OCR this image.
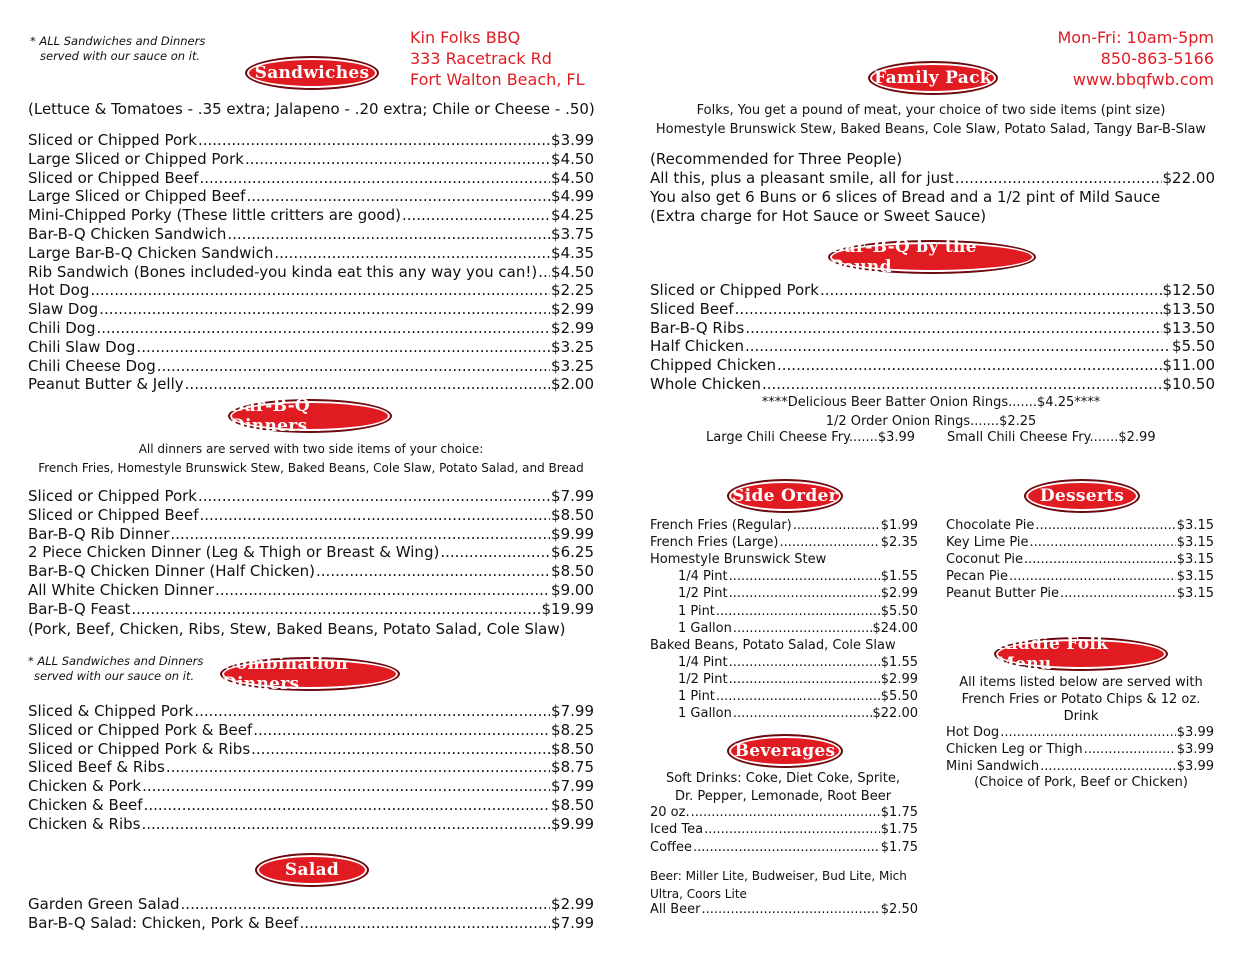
* ALL Sandwiches and Dinners
served with our sauce on it.
Kin Folks BBQ
333 Racetrack Rd
Fort Walton Beach, FL
Sandwiches
(Lettuce & Tomatoes - .35 extra; Jalapeno - .20 extra; Chile or Cheese - .50)
Sliced or Chipped Pork .....	$3.99
Large Sliced or Chipped Pork .....	$4.50
Sliced or Chipped Beef .....	$4.50
Large Sliced or Chipped Beef .....	$4.99
Mini-Chipped Porky (These little critters are good) .....	$4.25
Bar-B-Q Chicken Sandwich .....	$3.75
Large Bar-B-Q Chicken Sandwich .....	$4.35
Rib Sandwich (Bones included-you kinda eat this any way you can!) ..... $4.50
Hot Dog .....	$2.25
Slaw Dog .....	$2.99
Chili Dog .....	$2.99
Chili Slaw Dog .....	$3.25
Chili Cheese Dog .....	$3.25
Peanut Butter & Jelly .....	$2.00
Bar-B-Q Dinners
All dinners are served with two side items of your choice:
French Fries, Homestyle Brunswick Stew, Baked Beans, Cole Slaw, Potato Salad, and Bread
Sliced or Chipped Pork .....	$7.99
Sliced or Chipped Beef .....	$8.50
Bar-B-Q Rib Dinner .....	$9.99
2 Piece Chicken Dinner (Leg & Thigh or Breast & Wing) .....	$6.25
Bar-B-Q Chicken Dinner (Half Chicken) .....	$8.50
All White Chicken Dinner .....	$9.00
Bar-B-Q Feast .....	$19.99
(Pork, Beef, Chicken, Ribs, Stew, Baked Beans, Potato Salad, Cole Slaw)
* ALL Sandwiches and Dinners
served with our sauce on it.
Combination Dinners
Sliced & Chipped Pork .....	$7.99
Sliced or Chipped Pork & Beef .....	$8.25
Sliced or Chipped Pork & Ribs .....	$8.50
Sliced Beef & Ribs .....	$8.75
Chicken & Pork .....	$7.99
Chicken & Beef .....	$8.50
Chicken & Ribs .....	$9.99
Salad
Garden Green Salad .....	$2.99
Bar-B-Q Salad: Chicken, Pork & Beef .....	$7.99
Mon-Fri: 10am-5pm
850-863-5166
www.bbqfwb.com
Family Pack
Folks, You get a pound of meat, your choice of two side items (pint size)
Homestyle Brunswick Stew, Baked Beans, Cole Slaw, Potato Salad, Tangy Bar-B-Slaw
(Recommended for Three People)
All this, plus a pleasant smile, all for just .....	$22.00
You also get 6 Buns or 6 slices of Bread and a 1/2 pint of Mild Sauce
(Extra charge for Hot Sauce or Sweet Sauce)
Bar-B-Q by the Pound
Sliced or Chipped Pork .....	$12.50
Sliced Beef .....	$13.50
Bar-B-Q Ribs .....	$13.50
Half Chicken .....	$5.50
Chipped Chicken .....	$11.00
Whole Chicken .....	$10.50
****Delicious Beer Batter Onion Rings.......$4.25****
1/2 Order Onion Rings.......$2.25
Large Chili Cheese Fry.......$3.99 Small Chili Cheese Fry.......$2.99
Side Order	Desserts
French Fries (Regular) .....	$1.99
French Fries (Large) .....	$2.35
Homestyle Brunswick Stew
1/4 Pint .....	$1.55
1/2 Pint .....	$2.99
1 Pint .....	$5.50
1 Gallon .....	$24.00
Baked Beans, Potato Salad, Cole Slaw
1/4 Pint .....	$1.55
1/2 Pint .....	$2.99
1 Pint .....	$5.50
1 Gallon .....	$22.00
Chocolate Pie .....	$3.15
Key Lime Pie .....	$3.15
Coconut Pie .....	$3.15
Pecan Pie .....	$3.15
Peanut Butter Pie .....	$3.15
Kiddie Folk Menu
All items listed below are served with
French Fries or Potato Chips & 12 oz.
Drink
Hot Dog .....	$3.99
Chicken Leg or Thigh .....	$3.99
Mini Sandwich .....	$3.99
(Choice of Pork, Beef or Chicken)
Beverages
Soft Drinks: Coke, Diet Coke, Sprite,
Dr. Pepper, Lemonade, Root Beer
20 oz. .....	$1.75
Iced Tea .....	$1.75
Coffee .....	$1.75
Beer: Miller Lite, Budweiser, Bud Lite, Mich
Ultra, Coors Lite
All Beer .....	$2.50
